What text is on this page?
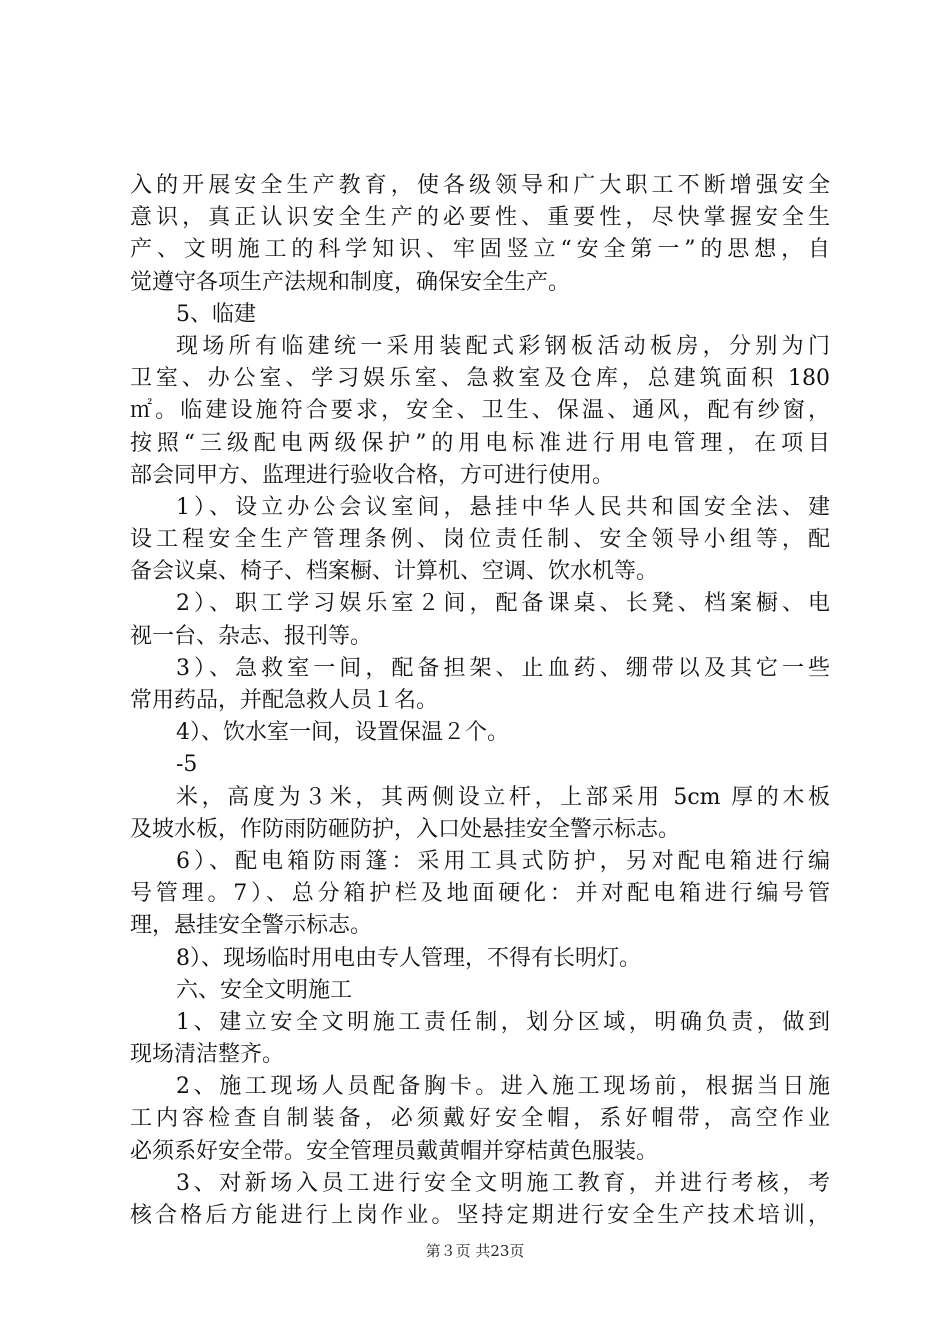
入的开展安全生产教育，使各级领导和广大职工不断增强安全
意识，真正认识安全生产的必要性、重要性，尽快掌握安全生
产、文明施工的科学知识、牢固竖立“安全第一”的思想，自
觉遵守各项生产法规和制度，确保安全生产。
5、临建
现场所有临建统一采用装配式彩钢板活动板房，分别为门
卫室、办公室、学习娱乐室、急救室及仓库，总建筑面积 180
㎡。临建设施符合要求，安全、卫生、保温、通风，配有纱窗，
按照“三级配电两级保护”的用电标准进行用电管理，在项目
部会同甲方、监理进行验收合格，方可进行使用。
1）、设立办公会议室间，悬挂中华人民共和国安全法、建
设工程安全生产管理条例、岗位责任制、安全领导小组等，配
备会议桌、椅子、档案橱、计算机、空调、饮水机等。
2）、职工学习娱乐室２间，配备课桌、长凳、档案橱、电
视一台、杂志、报刊等。
3）、急救室一间，配备担架、止血药、绷带以及其它一些
常用药品，并配急救人员１名。
4）、饮水室一间，设置保温２个。
-5
米，高度为３米，其两侧设立杆，上部采用 5cm 厚的木板
及坡水板，作防雨防砸防护，入口处悬挂安全警示标志。
6）、配电箱防雨篷：采用工具式防护，另对配电箱进行编
号管理。7）、总分箱护栏及地面硬化：并对配电箱进行编号管
理，悬挂安全警示标志。
8）、现场临时用电由专人管理，不得有长明灯。
六、安全文明施工
1、建立安全文明施工责任制，划分区域，明确负责，做到
现场清洁整齐。
2、施工现场人员配备胸卡。进入施工现场前，根据当日施
工内容检查自制装备，必须戴好安全帽，系好帽带，高空作业
必须系好安全带。安全管理员戴黄帽并穿桔黄色服装。
3、对新场入员工进行安全文明施工教育，并进行考核，考
核合格后方能进行上岗作业。坚持定期进行安全生产技术培训，
第３页 共23页
